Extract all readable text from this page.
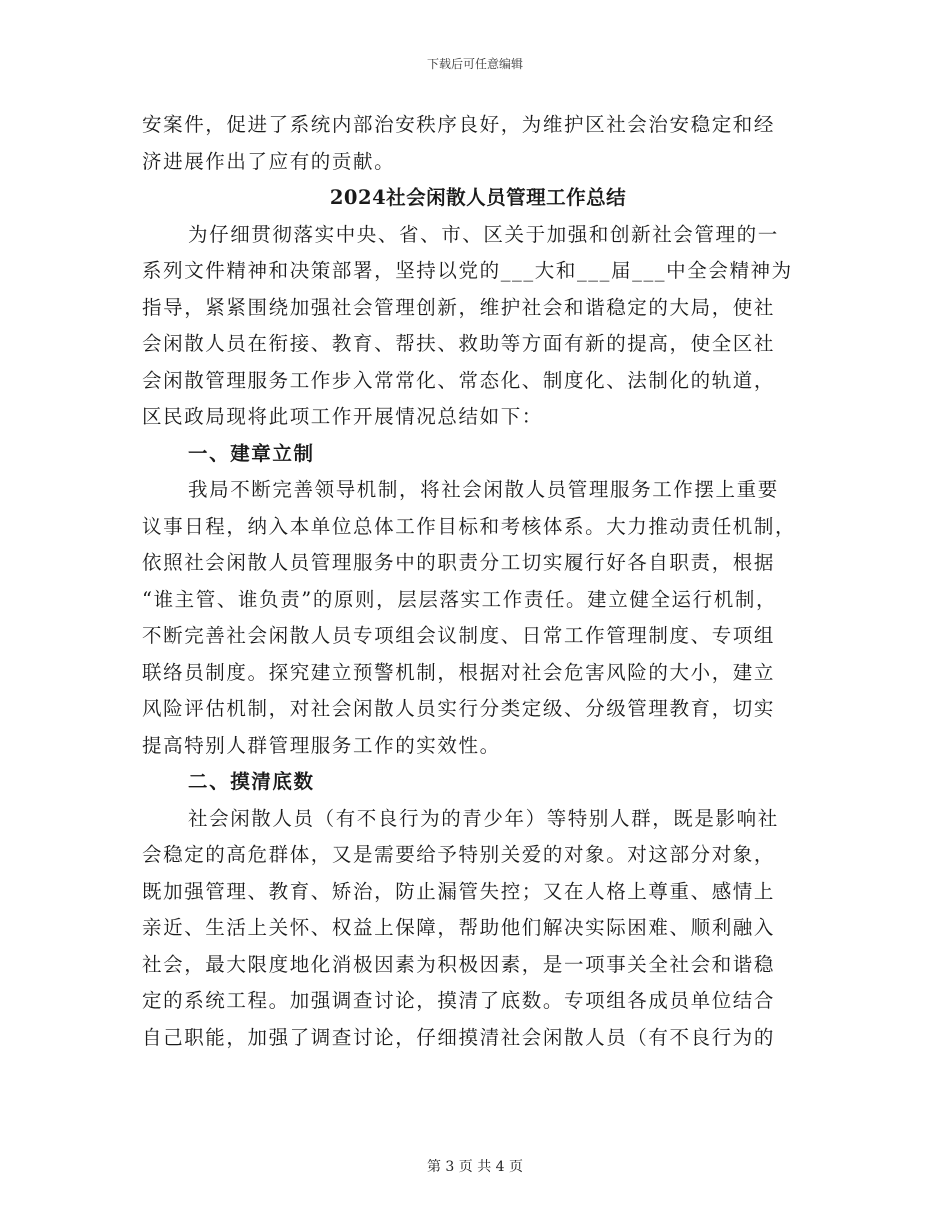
下载后可任意编辑
安案件，促进了系统内部治安秩序良好，为维护区社会治安稳定和经
济进展作出了应有的贡献。
2024社会闲散人员管理工作总结
为仔细贯彻落实中央、省、市、区关于加强和创新社会管理的一
系列文件精神和决策部署，坚持以党的___大和___届___中全会精神为
指导，紧紧围绕加强社会管理创新，维护社会和谐稳定的大局，使社
会闲散人员在衔接、教育、帮扶、救助等方面有新的提高，使全区社
会闲散管理服务工作步入常常化、常态化、制度化、法制化的轨道，
区民政局现将此项工作开展情况总结如下：
一、建章立制
我局不断完善领导机制，将社会闲散人员管理服务工作摆上重要
议事日程，纳入本单位总体工作目标和考核体系。大力推动责任机制，
依照社会闲散人员管理服务中的职责分工切实履行好各自职责，根据
“谁主管、谁负责”的原则，层层落实工作责任。建立健全运行机制，
不断完善社会闲散人员专项组会议制度、日常工作管理制度、专项组
联络员制度。探究建立预警机制，根据对社会危害风险的大小，建立
风险评估机制，对社会闲散人员实行分类定级、分级管理教育，切实
提高特别人群管理服务工作的实效性。
二、摸清底数
社会闲散人员（有不良行为的青少年）等特别人群，既是影响社
会稳定的高危群体，又是需要给予特别关爱的对象。对这部分对象，
既加强管理、教育、矫治，防止漏管失控；又在人格上尊重、感情上
亲近、生活上关怀、权益上保障，帮助他们解决实际困难、顺利融入
社会，最大限度地化消极因素为积极因素，是一项事关全社会和谐稳
定的系统工程。加强调查讨论，摸清了底数。专项组各成员单位结合
自己职能，加强了调查讨论，仔细摸清社会闲散人员（有不良行为的
第 3 页 共 4 页
